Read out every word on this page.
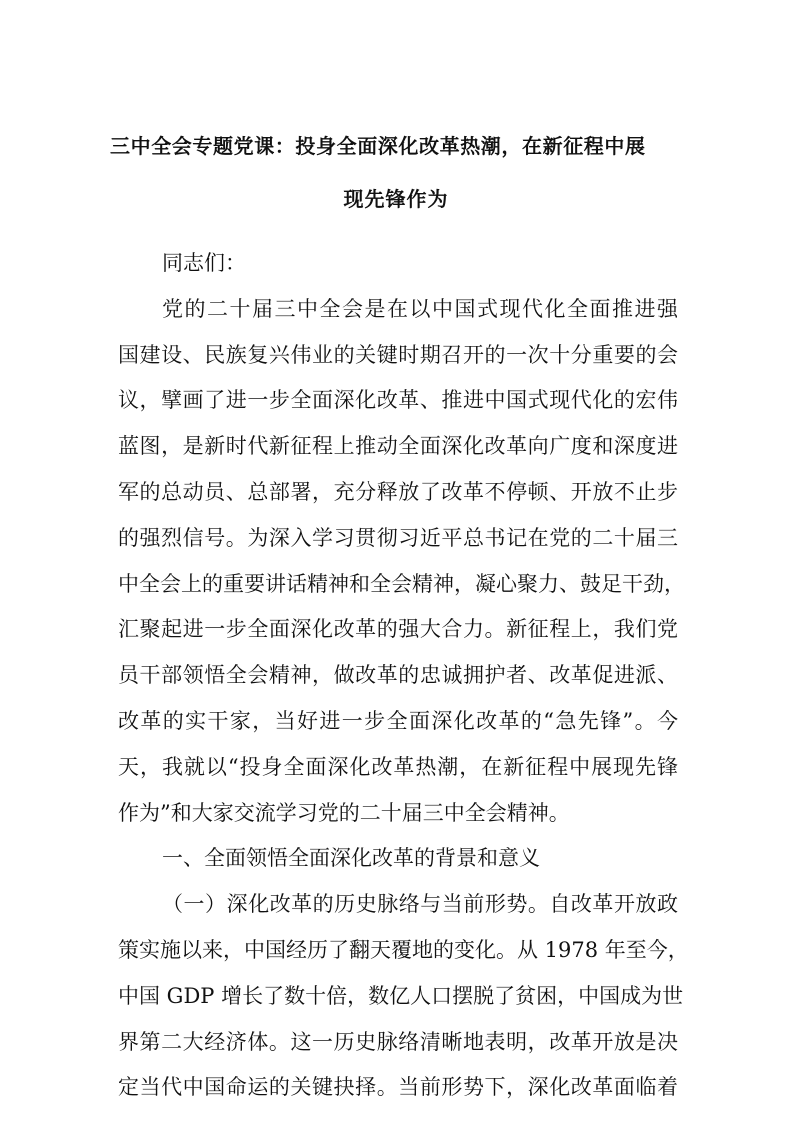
三中全会专题党课：投身全面深化改革热潮，在新征程中展
现先锋作为
同志们：
党的二十届三中全会是在以中国式现代化全面推进强
国建设、民族复兴伟业的关键时期召开的一次十分重要的会
议，擘画了进一步全面深化改革、推进中国式现代化的宏伟
蓝图，是新时代新征程上推动全面深化改革向广度和深度进
军的总动员、总部署，充分释放了改革不停顿、开放不止步
的强烈信号。为深入学习贯彻习近平总书记在党的二十届三
中全会上的重要讲话精神和全会精神，凝心聚力、鼓足干劲，
汇聚起进一步全面深化改革的强大合力。新征程上，我们党
员干部领悟全会精神，做改革的忠诚拥护者、改革促进派、
改革的实干家，当好进一步全面深化改革的“急先锋”。今
天，我就以“投身全面深化改革热潮，在新征程中展现先锋
作为”和大家交流学习党的二十届三中全会精神。
一、全面领悟全面深化改革的背景和意义
（一）深化改革的历史脉络与当前形势。自改革开放政
策实施以来，中国经历了翻天覆地的变化。从 1978 年至今，
中国 GDP 增长了数十倍，数亿人口摆脱了贫困，中国成为世
界第二大经济体。这一历史脉络清晰地表明，改革开放是决
定当代中国命运的关键抉择。当前形势下，深化改革面临着
